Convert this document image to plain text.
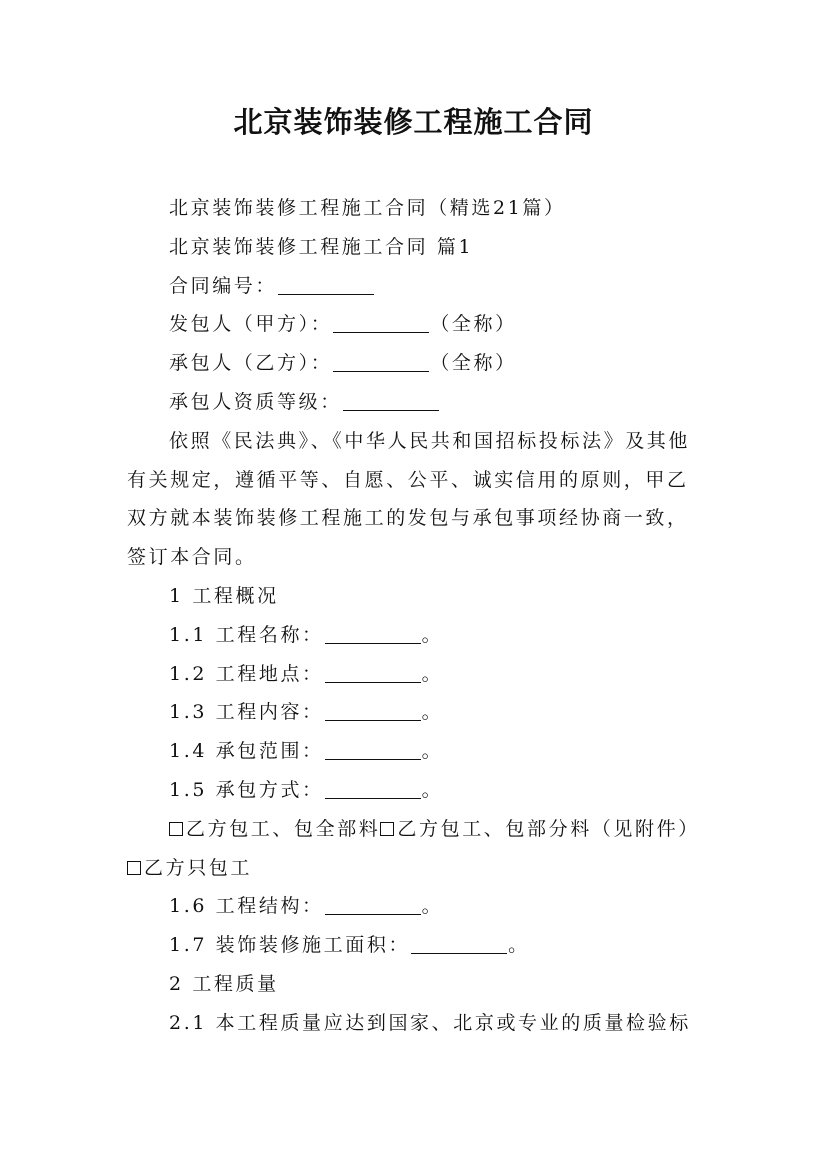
北京装饰装修工程施工合同

北京装饰装修工程施工合同（精选21篇）

北京装饰装修工程施工合同 篇1

合同编号：

发包人（甲方）：	（全称）

承包人（乙方）：	（全称）

承包人资质等级：

依照《民法典》、《中华人民共和国招标投标法》及其他

有关规定，遵循平等、自愿、公平、诚实信用的原则，甲乙

双方就本装饰装修工程施工的发包与承包事项经协商一致，

签订本合同。

1 工程概况

1.1 工程名称：	。

1.2 工程地点：	。

1.3 工程内容：	。

1.4 承包范围：	。

1.5 承包方式：	。

乙方包工、包全部料 乙方包工、包部分料（见附件）

乙方只包工

1.6 工程结构：	。

1.7 装饰装修施工面积：	。

2 工程质量

2.1 本工程质量应达到国家、北京或专业的质量检验标
